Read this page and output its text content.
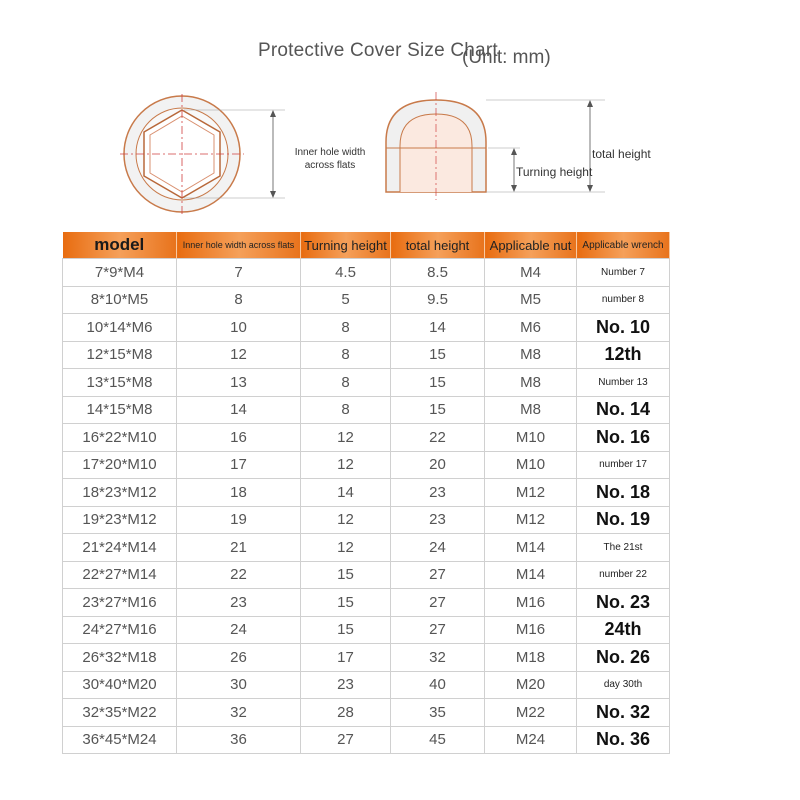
Protective Cover Size Chart
(Unit: mm)
Inner hole width across flats	Turning height
total height
model	Inner hole width across flats	Turning height	total height	Applicable nut	Applicable wrench
7*9*M4	7	4.5	8.5	M4	Number 7
8*10*M5	8	5	9.5	M5	number 8
10*14*M6	10	8	14	M6	No. 10
12*15*M8	12	8	15	M8	12th
13*15*M8	13	8	15	M8	Number 13
14*15*M8	14	8	15	M8	No. 14
16*22*M10	16	12	22	M10	No. 16
17*20*M10	17	12	20	M10	number 17
18*23*M12	18	14	23	M12	No. 18
19*23*M12	19	12	23	M12	No. 19
21*24*M14	21	12	24	M14	The 21st
22*27*M14	22	15	27	M14	number 22
23*27*M16	23	15	27	M16	No. 23
24*27*M16	24	15	27	M16	24th
26*32*M18	26	17	32	M18	No. 26
30*40*M20	30	23	40	M20	day 30th
32*35*M22	32	28	35	M22	No. 32
36*45*M24	36	27	45	M24	No. 36
